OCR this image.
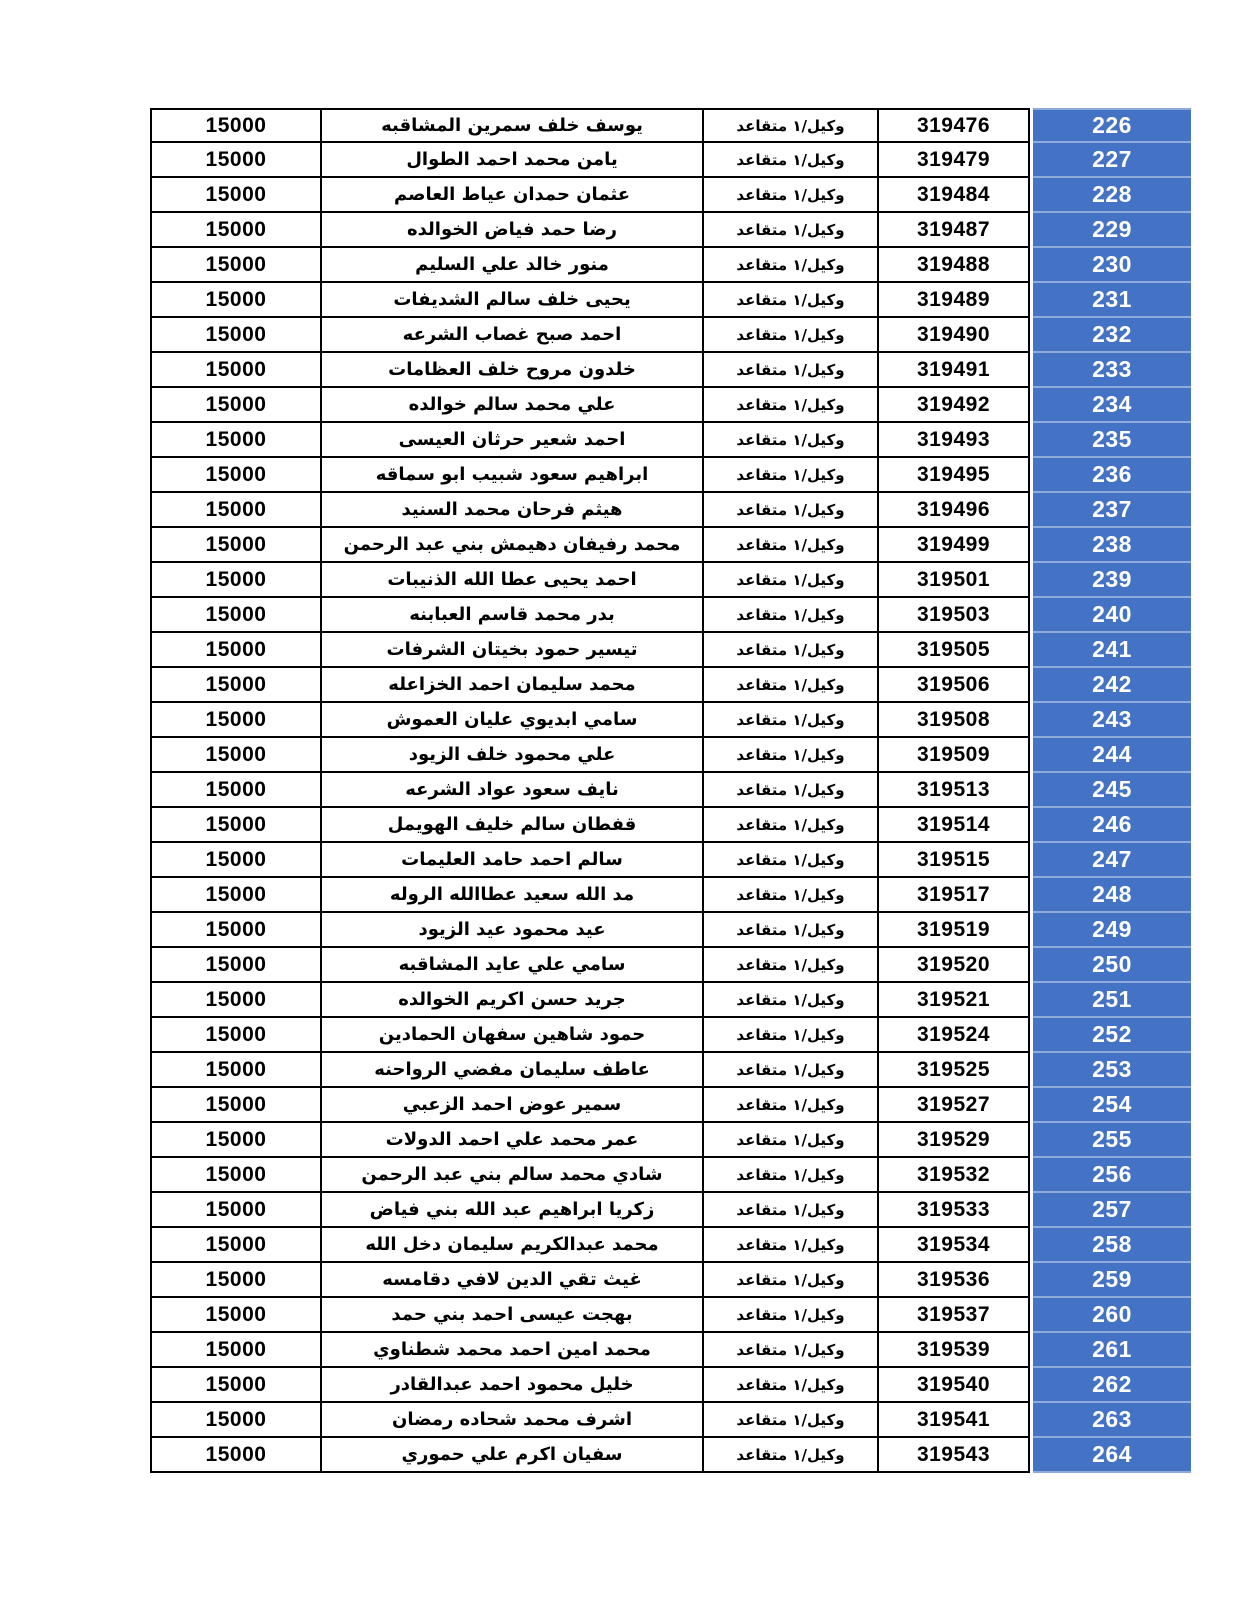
15000	يوسف خلف سمرين المشاقبه	وكيل/١ متقاعد	319476	226
15000	يامن محمد احمد الطوال	وكيل/١ متقاعد	319479	227
15000	عثمان حمدان عياط العاصم	وكيل/١ متقاعد	319484	228
15000	رضا حمد فياض الخوالده	وكيل/١ متقاعد	319487	229
15000	منور خالد علي السليم	وكيل/١ متقاعد	319488	230
15000	يحيى خلف سالم الشديفات	وكيل/١ متقاعد	319489	231
15000	احمد صبح غصاب الشرعه	وكيل/١ متقاعد	319490	232
15000	خلدون مروح خلف العظامات	وكيل/١ متقاعد	319491	233
15000	علي محمد سالم خوالده	وكيل/١ متقاعد	319492	234
15000	احمد شعير حرثان العيسى	وكيل/١ متقاعد	319493	235
15000	ابراهيم سعود شبيب ابو سماقه	وكيل/١ متقاعد	319495	236
15000	هيثم فرحان محمد السنيد	وكيل/١ متقاعد	319496	237
15000	محمد رفيفان دهيمش بني عبد الرحمن	وكيل/١ متقاعد	319499	238
15000	احمد يحيى عطا الله الذنيبات	وكيل/١ متقاعد	319501	239
15000	بدر محمد قاسم العبابنه	وكيل/١ متقاعد	319503	240
15000	تيسير حمود بخيتان الشرفات	وكيل/١ متقاعد	319505	241
15000	محمد سليمان احمد الخزاعله	وكيل/١ متقاعد	319506	242
15000	سامي ابديوي عليان العموش	وكيل/١ متقاعد	319508	243
15000	علي محمود خلف الزيود	وكيل/١ متقاعد	319509	244
15000	نايف سعود عواد الشرعه	وكيل/١ متقاعد	319513	245
15000	قفطان سالم خليف الهويمل	وكيل/١ متقاعد	319514	246
15000	سالم احمد حامد العليمات	وكيل/١ متقاعد	319515	247
15000	مد الله سعيد عطاالله الروله	وكيل/١ متقاعد	319517	248
15000	عيد محمود عيد الزيود	وكيل/١ متقاعد	319519	249
15000	سامي علي عايد المشاقبه	وكيل/١ متقاعد	319520	250
15000	جريد حسن اكريم الخوالده	وكيل/١ متقاعد	319521	251
15000	حمود شاهين سفهان الحمادين	وكيل/١ متقاعد	319524	252
15000	عاطف سليمان مفضي الرواحنه	وكيل/١ متقاعد	319525	253
15000	سمير عوض احمد الزعبي	وكيل/١ متقاعد	319527	254
15000	عمر محمد علي احمد الدولات	وكيل/١ متقاعد	319529	255
15000	شادي محمد سالم بني عبد الرحمن	وكيل/١ متقاعد	319532	256
15000	زكريا ابراهيم عبد الله بني فياض	وكيل/١ متقاعد	319533	257
15000	محمد عبدالكريم سليمان دخل الله	وكيل/١ متقاعد	319534	258
15000	غيث تقي الدين لافي دقامسه	وكيل/١ متقاعد	319536	259
15000	بهجت عيسى احمد بني حمد	وكيل/١ متقاعد	319537	260
15000	محمد امين احمد محمد شطناوي	وكيل/١ متقاعد	319539	261
15000	خليل محمود احمد عبدالقادر	وكيل/١ متقاعد	319540	262
15000	اشرف محمد شحاده رمضان	وكيل/١ متقاعد	319541	263
15000	سفيان اكرم علي حموري	وكيل/١ متقاعد	319543	264
